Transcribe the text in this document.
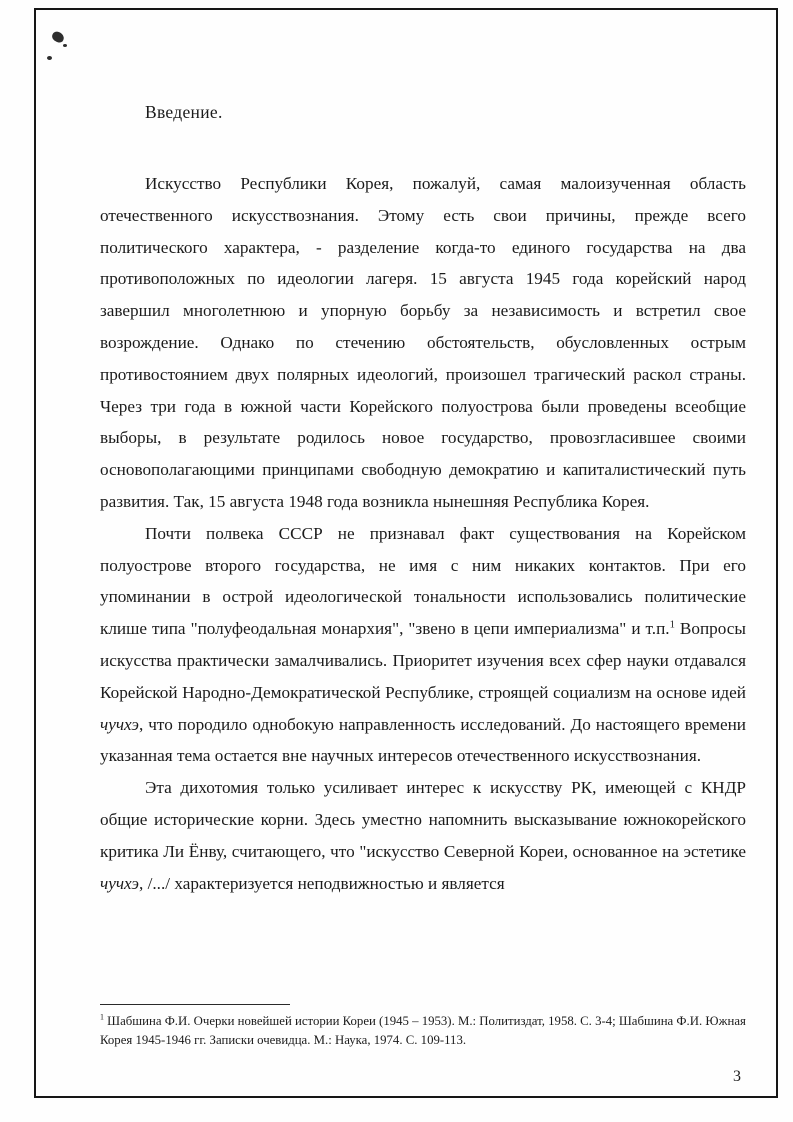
Введение.

Искусство Республики Корея, пожалуй, самая малоизученная область отечественного искусствознания. Этому есть свои причины, прежде всего политического характера, - разделение когда-то единого государства на два противоположных по идеологии лагеря. 15 августа 1945 года корейский народ завершил многолетнюю и упорную борьбу за независимость и встретил свое возрождение. Однако по стечению обстоятельств, обусловленных острым противостоянием двух полярных идеологий, произошел трагический раскол страны. Через три года в южной части Корейского полуострова были проведены всеобщие выборы, в результате родилось новое государство, провозгласившее своими основополагающими принципами свободную демократию и капиталистический путь развития. Так, 15 августа 1948 года возникла нынешняя Республика Корея.

Почти полвека СССР не признавал факт существования на Корейском полуострове второго государства, не имя с ним никаких контактов. При его упоминании в острой идеологической тональности использовались политические клише типа "полуфеодальная монархия", "звено в цепи империализма" и т.п.$^1$ Вопросы искусства практически замалчивались. Приоритет изучения всех сфер науки отдавался Корейской Народно-Демократической Республике, строящей социализм на основе идей чучхэ, что породило однобокую направленность исследований. До настоящего времени указанная тема остается вне научных интересов отечественного искусствознания.

Эта дихотомия только усиливает интерес к искусству РК, имеющей с КНДР общие исторические корни. Здесь уместно напомнить высказывание южнокорейского критика Ли Ёнву, считающего, что "искусство Северной Кореи, основанное на эстетике чучхэ, /.../ характеризуется неподвижностью и является

$^1$ Шабшина Ф.И. Очерки новейшей истории Кореи (1945 – 1953). М.: Политиздат, 1958. С. 3-4; Шабшина Ф.И. Южная Корея 1945-1946 гг. Записки очевидца. М.: Наука, 1974. С. 109-113.

3
